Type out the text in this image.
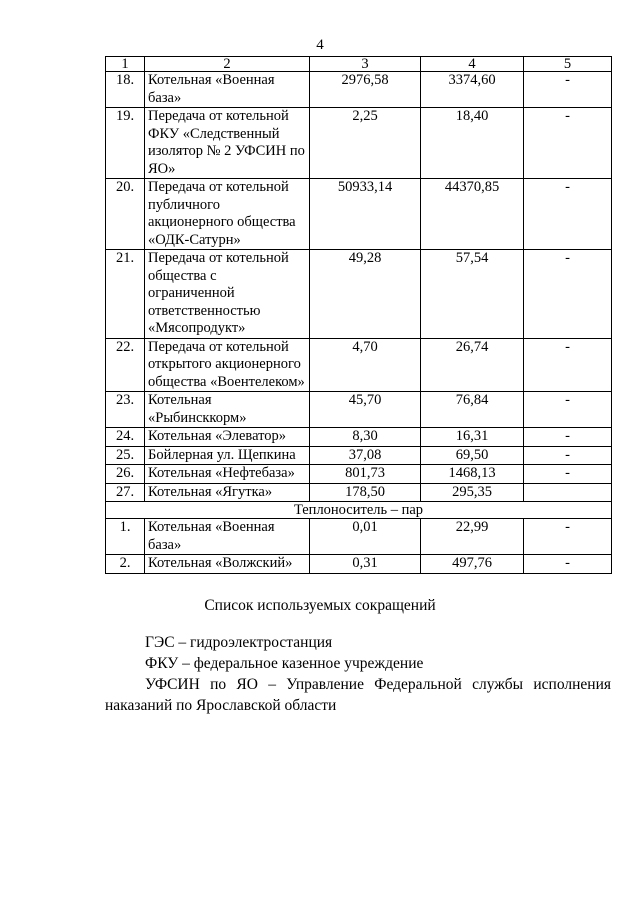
4
1	2	3	4	5
18.	Котельная «Военная база»	2976,58	3374,60	-
19.	Передача от котельной ФКУ «Следственный изолятор № 2 УФСИН по ЯО»	2,25	18,40	-
20.	Передача от котельной публичного акционерного общества «ОДК-Сатурн»	50933,14	44370,85	-
21.	Передача от котельной общества с ограниченной ответственностью «Мясопродукт»	49,28	57,54	-
22.	Передача от котельной открытого акционерного общества «Воентелеком»	4,70	26,74	-
23.	Котельная «Рыбинсккорм»	45,70	76,84	-
24.	Котельная «Элеватор»	8,30	16,31	-
25.	Бойлерная ул. Щепкина	37,08	69,50	-
26.	Котельная «Нефтебаза»	801,73	1468,13	-
27.	Котельная «Ягутка»	178,50	295,35	
Теплоноситель – пар				
1.	Котельная «Военная база»	0,01	22,99	-
2.	Котельная «Волжский»	0,31	497,76	-
Список используемых сокращений
ГЭС – гидроэлектростанция
ФКУ – федеральное казенное учреждение
УФСИН по ЯО – Управление Федеральной службы исполнения наказаний по Ярославской области
